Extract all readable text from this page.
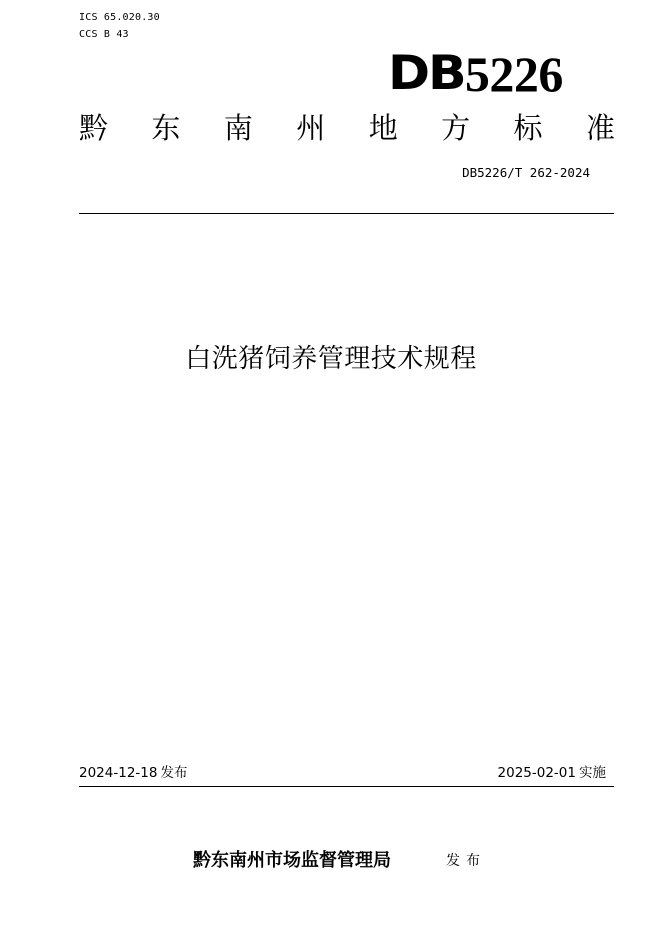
ICS 65.020.30
CCS B 43
DB 5226
黔 东 南 州 地 方 标 准
DB5226/T 262-2024
白洗猪饲养管理技术规程
2024-12-18 发布	2025-02-01 实施
黔东南州市场监督管理局	发布
